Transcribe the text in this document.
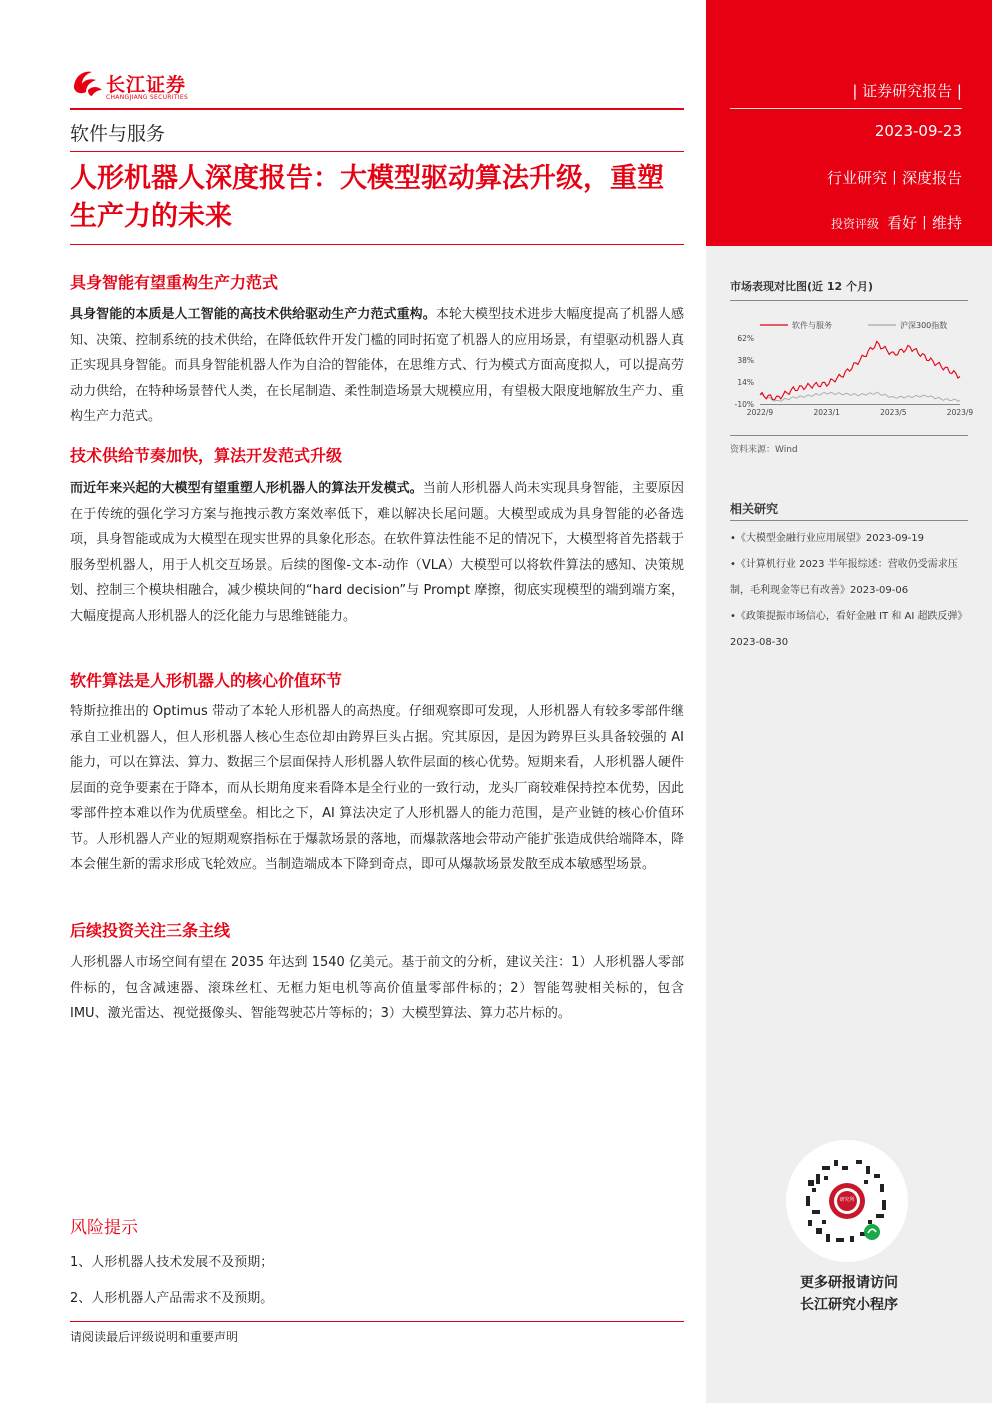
| 证券研究报告 |
2023-09-23
行业研究丨深度报告
投资评级 看好丨维持
长江证券
CHANGJIANG SECURITIES
软件与服务
人形机器人深度报告：大模型驱动算法升级，重塑生产力的未来
具身智能有望重构生产力范式
具身智能的本质是人工智能的高技术供给驱动生产力范式重构。本轮大模型技术进步大幅度提高了机器人感知、决策、控制系统的技术供给，在降低软件开发门槛的同时拓宽了机器人的应用场景，有望驱动机器人真正实现具身智能。而具身智能机器人作为自洽的智能体，在思维方式、行为模式方面高度拟人，可以提高劳动力供给，在特种场景替代人类，在长尾制造、柔性制造场景大规模应用，有望极大限度地解放生产力、重构生产力范式。
技术供给节奏加快，算法开发范式升级
而近年来兴起的大模型有望重塑人形机器人的算法开发模式。当前人形机器人尚未实现具身智能，主要原因在于传统的强化学习方案与拖拽示教方案效率低下，难以解决长尾问题。大模型或成为具身智能的必备选项，具身智能或成为大模型在现实世界的具象化形态。在软件算法性能不足的情况下，大模型将首先搭载于服务型机器人，用于人机交互场景。后续的图像-文本-动作（VLA）大模型可以将软件算法的感知、决策规划、控制三个模块相融合，减少模块间的“hard decision”与 Prompt 摩擦，彻底实现模型的端到端方案，大幅度提高人形机器人的泛化能力与思维链能力。
软件算法是人形机器人的核心价值环节
特斯拉推出的 Optimus 带动了本轮人形机器人的高热度。仔细观察即可发现，人形机器人有较多零部件继承自工业机器人，但人形机器人核心生态位却由跨界巨头占据。究其原因，是因为跨界巨头具备较强的 AI 能力，可以在算法、算力、数据三个层面保持人形机器人软件层面的核心优势。短期来看，人形机器人硬件层面的竞争要素在于降本，而从长期角度来看降本是全行业的一致行动，龙头厂商较难保持控本优势，因此零部件控本难以作为优质壁垒。相比之下，AI 算法决定了人形机器人的能力范围，是产业链的核心价值环节。人形机器人产业的短期观察指标在于爆款场景的落地，而爆款落地会带动产能扩张造成供给端降本，降本会催生新的需求形成飞轮效应。当制造端成本下降到奇点，即可从爆款场景发散至成本敏感型场景。
后续投资关注三条主线
人形机器人市场空间有望在 2035 年达到 1540 亿美元。基于前文的分析，建议关注：1）人形机器人零部件标的，包含减速器、滚珠丝杠、无框力矩电机等高价值量零部件标的；2）智能驾驶相关标的，包含 IMU、激光雷达、视觉摄像头、智能驾驶芯片等标的；3）大模型算法、算力芯片标的。
风险提示
1、人形机器人技术发展不及预期；
2、人形机器人产品需求不及预期。
请阅读最后评级说明和重要声明
市场表现对比图(近 12 个月)
软件与服务	沪深300指数
62%
38%
14%
-10%
2022/9	2023/1	2023/5	2023/9
资料来源：Wind
相关研究
•《大模型金融行业应用展望》2023-09-19
•《计算机行业 2023 半年报综述：营收仍受需求压制，毛利现金等已有改善》2023-09-06
•《政策提振市场信心，看好金融 IT 和 AI 超跌反弹》2023-08-30
研究所
更多研报请访问
长江研究小程序
